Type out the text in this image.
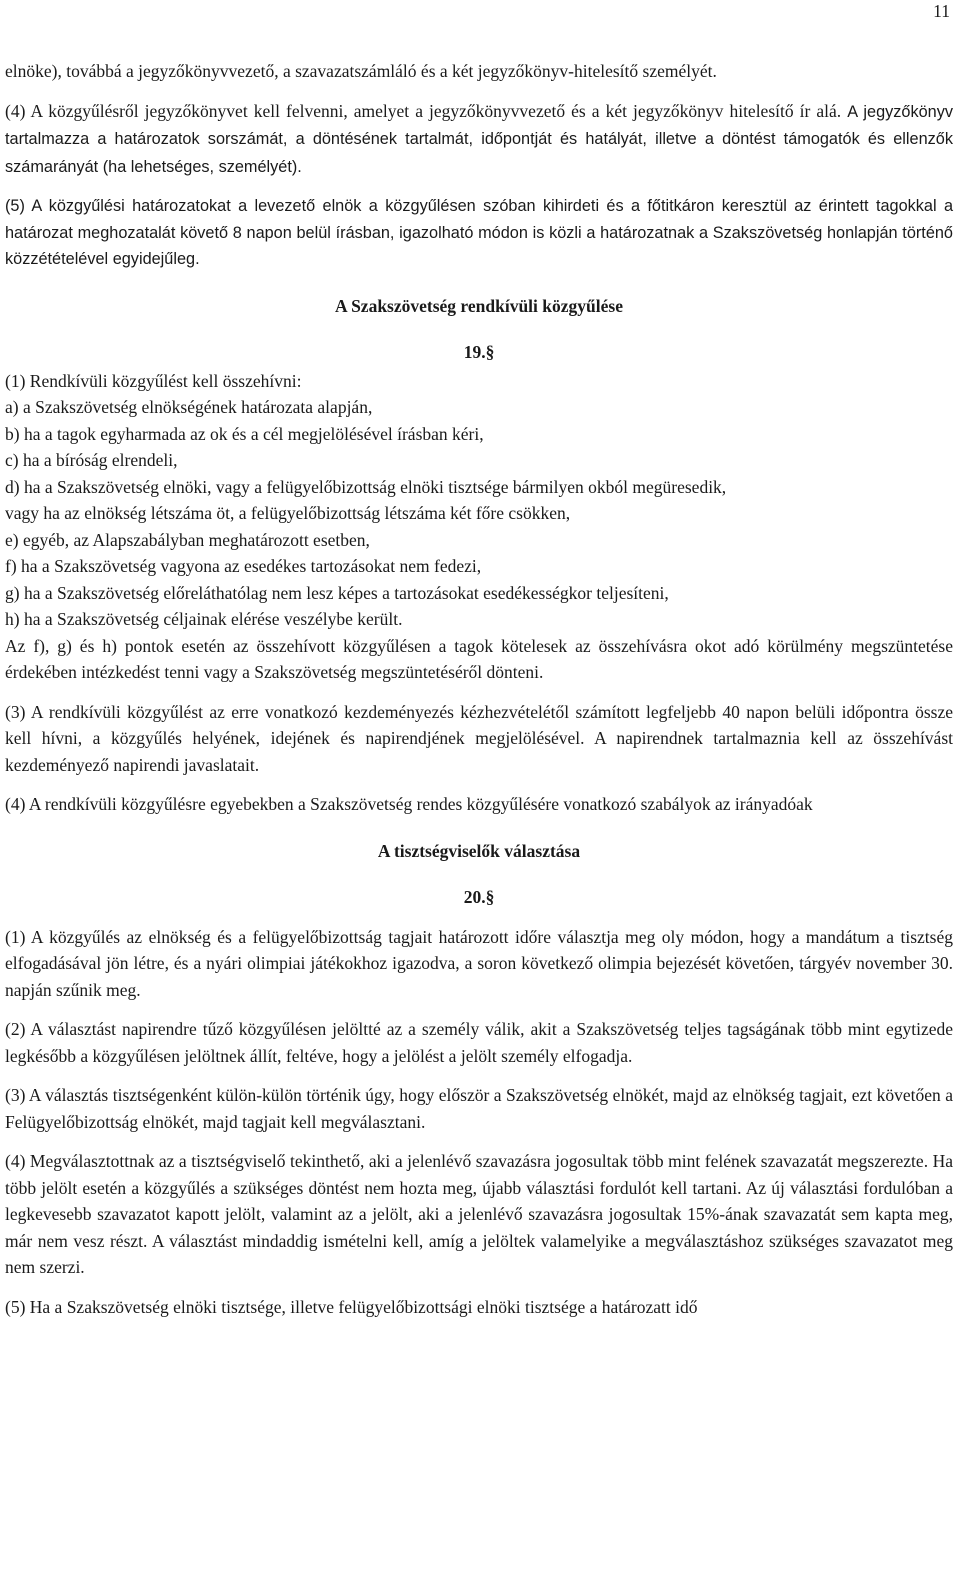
11

elnöke), továbbá a jegyzőkönyvvezető, a szavazatszámláló és a két jegyzőkönyv-hitelesítő személyét.

(4) A közgyűlésről jegyzőkönyvet kell felvenni, amelyet a jegyzőkönyvvezető és a két jegyzőkönyv hitelesítő ír alá. A jegyzőkönyv tartalmazza a határozatok sorszámát, a döntésének tartalmát, időpontját és hatályát, illetve a döntést támogatók és ellenzők számarányát (ha lehetséges, személyét).

(5) A közgyűlési határozatokat a levezető elnök a közgyűlésen szóban kihirdeti és a főtitkáron keresztül az érintett tagokkal a határozat meghozatalát követő 8 napon belül írásban, igazolható módon is közli a határozatnak a Szakszövetség honlapján történő közzétételével egyidejűleg.

A Szakszövetség rendkívüli közgyűlése

19.§

(1) Rendkívüli közgyűlést kell összehívni:

a) a Szakszövetség elnökségének határozata alapján,

b) ha a tagok egyharmada az ok és a cél megjelölésével írásban kéri,

c) ha a bíróság elrendeli,

d) ha a Szakszövetség elnöki, vagy a felügyelőbizottság elnöki tisztsége bármilyen okból megüresedik,

vagy ha az elnökség létszáma öt, a felügyelőbizottság létszáma két főre csökken,

e) egyéb, az Alapszabályban meghatározott esetben,

f) ha a Szakszövetség vagyona az esedékes tartozásokat nem fedezi,

g) ha a Szakszövetség előreláthatólag nem lesz képes a tartozásokat esedékességkor teljesíteni,

h) ha a Szakszövetség céljainak elérése veszélybe került.

Az f), g) és h) pontok esetén az összehívott közgyűlésen a tagok kötelesek az összehívásra okot adó körülmény megszüntetése érdekében intézkedést tenni vagy a Szakszövetség megszüntetéséről dönteni.

(3) A rendkívüli közgyűlést az erre vonatkozó kezdeményezés kézhezvételétől számított legfeljebb 40 napon belüli időpontra össze kell hívni, a közgyűlés helyének, idejének és napirendjének megjelölésével. A napirendnek tartalmaznia kell az összehívást kezdeményező napirendi javaslatait.

(4) A rendkívüli közgyűlésre egyebekben a Szakszövetség rendes közgyűlésére vonatkozó szabályok az irányadóak

A tisztségviselők választása

20.§

(1) A közgyűlés az elnökség és a felügyelőbizottság tagjait határozott időre választja meg oly módon, hogy a mandátum a tisztség elfogadásával jön létre, és a nyári olimpiai játékokhoz igazodva, a soron következő olimpia bejezését követően, tárgyév november 30. napján szűnik meg.

(2) A választást napirendre tűző közgyűlésen jelöltté az a személy válik, akit a Szakszövetség teljes tagságának több mint egytizede legkésőbb a közgyűlésen jelöltnek állít, feltéve, hogy a jelölést a jelölt személy elfogadja.

(3) A választás tisztségenként külön-külön történik úgy, hogy először a Szakszövetség elnökét, majd az elnökség tagjait, ezt követően a Felügyelőbizottság elnökét, majd tagjait kell megválasztani.

(4) Megválasztottnak az a tisztségviselő tekinthető, aki a jelenlévő szavazásra jogosultak több mint felének szavazatát megszerezte. Ha több jelölt esetén a közgyűlés a szükséges döntést nem hozta meg, újabb választási fordulót kell tartani. Az új választási fordulóban a legkevesebb szavazatot kapott jelölt, valamint az a jelölt, aki a jelenlévő szavazásra jogosultak 15%-ának szavazatát sem kapta meg, már nem vesz részt. A választást mindaddig ismételni kell, amíg a jelöltek valamelyike a megválasztáshoz szükséges szavazatot meg nem szerzi.

(5) Ha a Szakszövetség elnöki tisztsége, illetve felügyelőbizottsági elnöki tisztsége a határozatt idő
